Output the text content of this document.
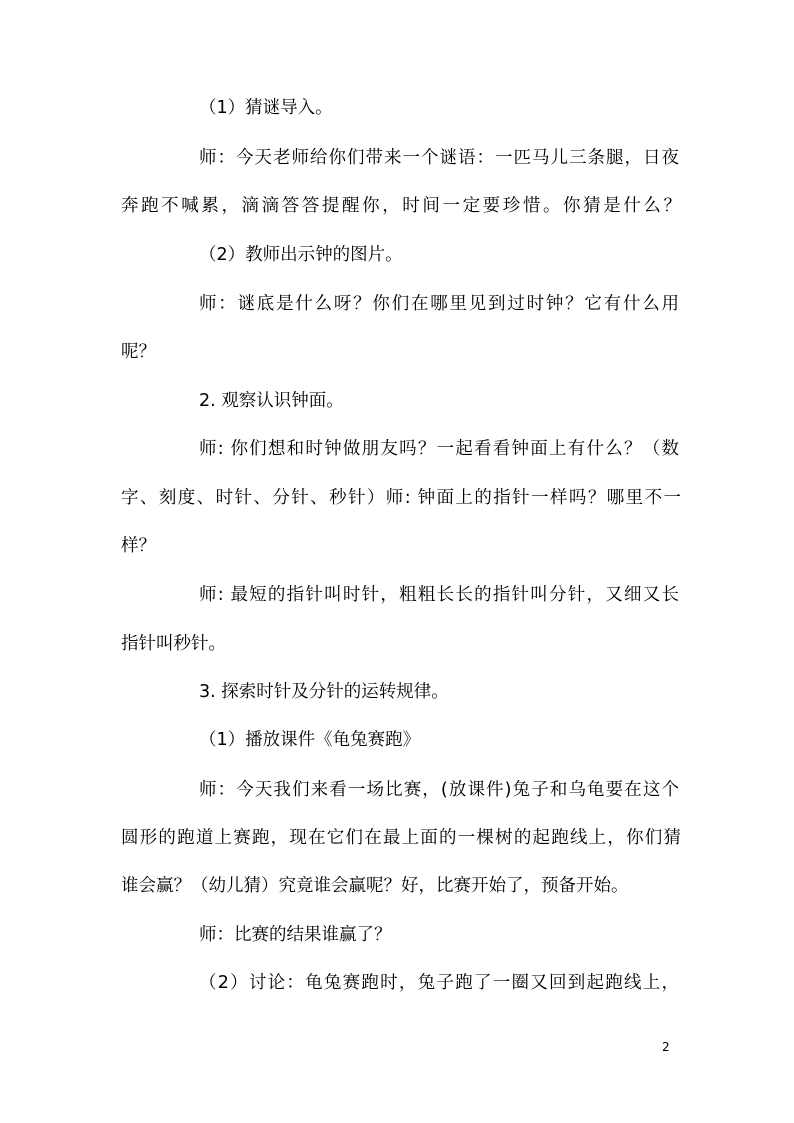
（1）猜谜导入。
师：今天老师给你们带来一个谜语：一匹马儿三条腿，日夜
奔跑不喊累，滴滴答答提醒你，时间一定要珍惜。你猜是什么？
（2）教师出示钟的图片。
师：谜底是什么呀？你们在哪里见到过时钟？它有什么用
呢？
2. 观察认识钟面。
师: 你们想和时钟做朋友吗？一起看看钟面上有什么？（数
字、刻度、时针、分针、秒针）师: 钟面上的指针一样吗？哪里不一
样？
师: 最短的指针叫时针，粗粗长长的指针叫分针，又细又长
指针叫秒针。
3. 探索时针及分针的运转规律。
（1）播放课件《龟兔赛跑》
师：今天我们来看一场比赛，(放课件)兔子和乌龟要在这个
圆形的跑道上赛跑，现在它们在最上面的一棵树的起跑线上，你们猜
谁会赢？（幼儿猜）究竟谁会赢呢？好，比赛开始了，预备开始。
师：比赛的结果谁赢了？
（2）讨论：龟兔赛跑时，兔子跑了一圈又回到起跑线上，
2
